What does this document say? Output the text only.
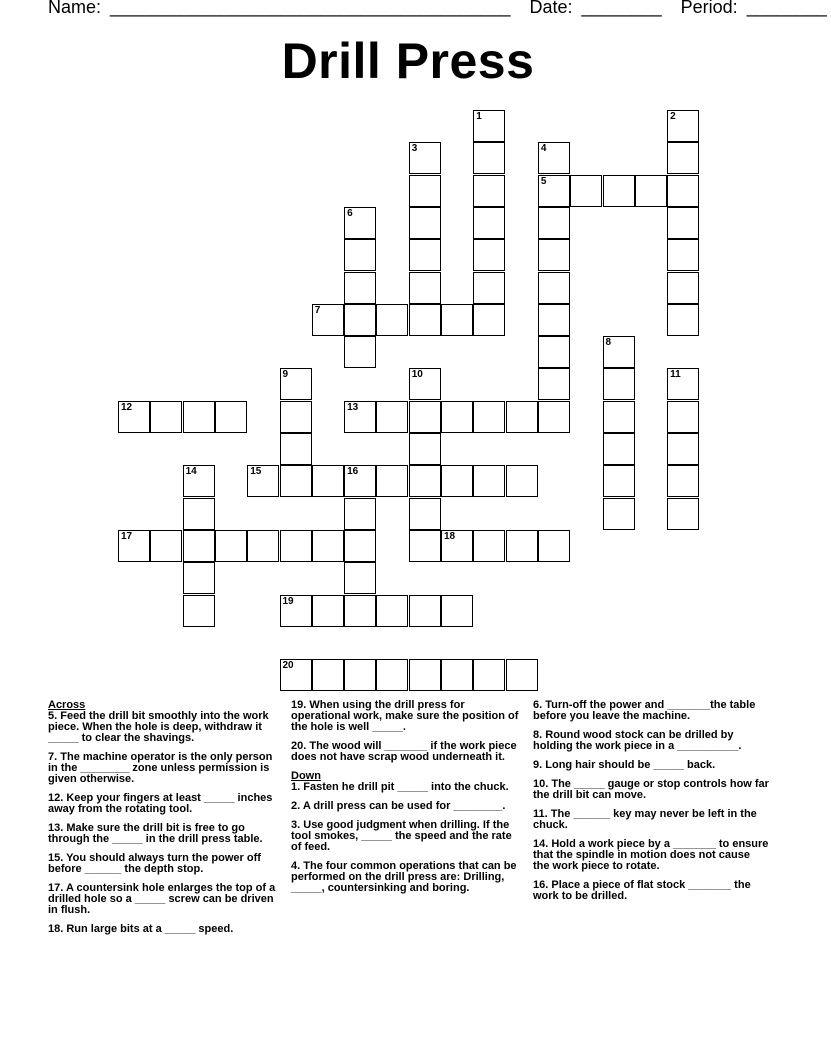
Name: ________________________________________ Date: ________ Period: ________
Drill Press
5
7
12	13
15	16
17	18
19
20
1	2
3	4
6
8
9	10	11
14
Across
5. Feed the drill bit smoothly into the work piece. When the hole is deep, withdraw it _____ to clear the shavings.
7. The machine operator is the only person in the ________ zone unless permission is given otherwise.
12. Keep your fingers at least _____ inches away from the rotating tool.
13. Make sure the drill bit is free to go through the _____ in the drill press table.
15. You should always turn the power off before ______ the depth stop.
17. A countersink hole enlarges the top of a drilled hole so a _____ screw can be driven in flush.
18. Run large bits at a _____ speed.
19. When using the drill press for operational work, make sure the position of the hole is well _____.
20. The wood will _______ if the work piece does not have scrap wood underneath it.
Down
1. Fasten he drill pit _____ into the chuck.
2. A drill press can be used for ________.
3. Use good judgment when drilling. If the tool smokes, _____ the speed and the rate of feed.
4. The four common operations that can be performed on the drill press are: Drilling, _____, countersinking and boring.
6. Turn-off the power and _______the table before you leave the machine.
8. Round wood stock can be drilled by holding the work piece in a __________.
9. Long hair should be _____ back.
10. The _____ gauge or stop controls how far the drill bit can move.
11. The ______ key may never be left in the chuck.
14. Hold a work piece by a _______ to ensure that the spindle in motion does not cause the work piece to rotate.
16. Place a piece of flat stock _______ the work to be drilled.
